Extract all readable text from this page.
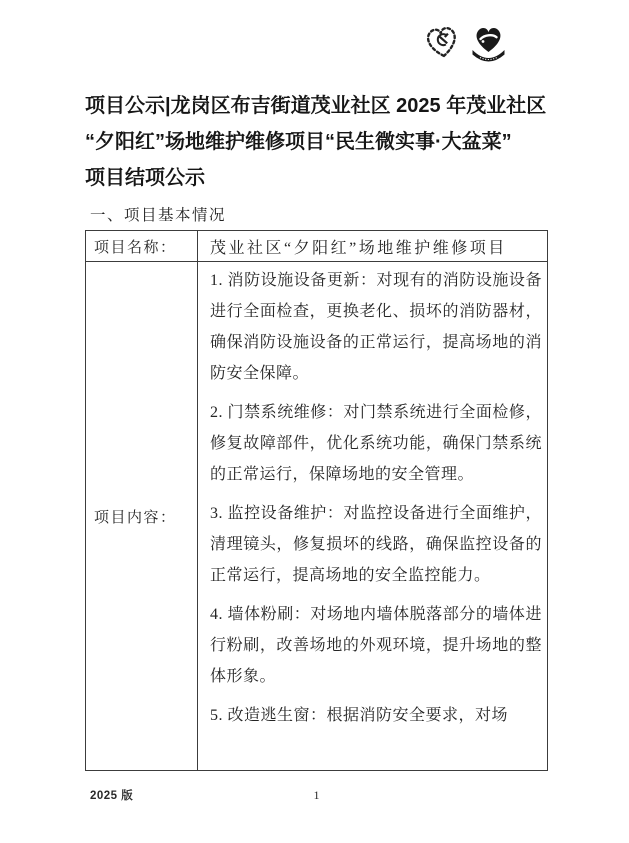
项目公示|龙岗区布吉街道茂业社区 2025 年茂业社区
“夕阳红”场地维护维修项目“民生微实事·大盆菜”
项目结项公示
一、项目基本情况
项目名称：	茂业社区“夕阳红”场地维护维修项目
项目内容：

1. 消防设施设备更新：对现有的消防设施设备进行全面检查，更换老化、损坏的消防器材，确保消防设施设备的正常运行，提高场地的消防安全保障。

2. 门禁系统维修：对门禁系统进行全面检修，修复故障部件，优化系统功能，确保门禁系统的正常运行，保障场地的安全管理。

3. 监控设备维护：对监控设备进行全面维护，清理镜头，修复损坏的线路，确保监控设备的正常运行，提高场地的安全监控能力。

4. 墙体粉刷：对场地内墙体脱落部分的墙体进行粉刷，改善场地的外观环境，提升场地的整体形象。

5. 改造逃生窗：根据消防安全要求，对场

2025 版	1
